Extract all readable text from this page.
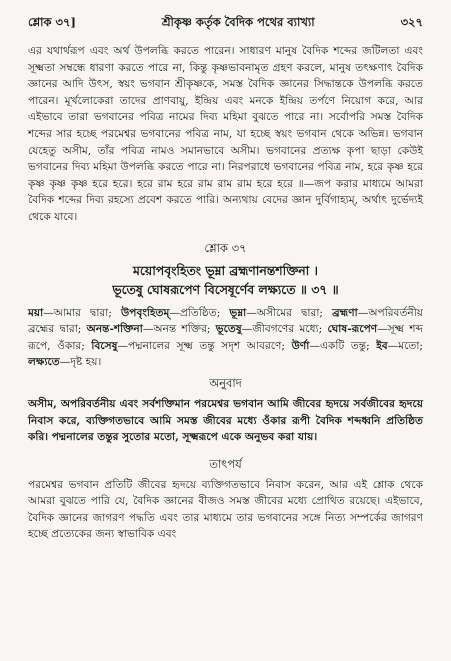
শ্লোক ৩৭]	শ্রীকৃষ্ণ কর্তৃক বৈদিক পথের ব্যাখ্যা	৩২৭

এর যথার্থরূপ এবং অর্থ উপলব্ধি করতে পারেন। সাধারণ মানুষ বৈদিক শব্দের জটিলতা এবং সূক্ষ্মতা সম্বন্ধে ধারণা করতে পারে না, কিন্তু কৃষ্ণভাবনামৃত গ্রহণ করলে, মানুষ তৎক্ষণাৎ বৈদিক জ্ঞানের আদি উৎস, স্বয়ং ভগবান শ্রীকৃষ্ণকে, সমস্ত বৈদিক জ্ঞানের সিদ্ধান্তকে উপলব্ধি করতে পারেন। মূর্খলোকেরা তাদের প্রাণবায়ু, ইন্দ্রিয় এবং মনকে ইন্দ্রিয় তর্পণে নিয়োগ করে, আর এইভাবে তারা ভগবানের পবিত্র নামের দিব্য মহিমা বুঝতে পারে না। সর্বোপরি সমস্ত বৈদিক শব্দের সার হচ্ছে পরমেশ্বর ভগবানের পবিত্র নাম, যা হচ্ছে স্বয়ং ভগবান থেকে অভিন্ন। ভগবান যেহেতু অসীম, তাঁর পবিত্র নামও সমানভাবে অসীম। ভগবানের প্রত্যক্ষ কৃপা ছাড়া কেউই ভগবানের দিব্য মহিমা উপলব্ধি করতে পারে না। নিরপরাধে ভগবানের পবিত্র নাম, হরে কৃষ্ণ হরে কৃষ্ণ কৃষ্ণ কৃষ্ণ হরে হরে। হরে রাম হরে রাম রাম রাম হরে হরে ॥—জপ করার মাধ্যমে আমরা বৈদিক শব্দের দিব্য রহস্যে প্রবেশ করতে পারি। অন্যথায় বেদের জ্ঞান দুর্বিগাহ্যম্, অর্থাৎ দুর্ভেদ্যই থেকে যাবে।

শ্লোক ৩৭
ময়োপবৃংহিতং ভূম্না ব্রহ্মণানন্তশক্তিনা ।
ভূতেষু ঘোষরূপেণ বিসেষূর্ণেব লক্ষ্যতে ॥ ৩৭ ॥

ময়া—আমার দ্বারা; উপবৃংহিতম্—প্রতিষ্ঠিত; ভূম্না—অসীমের দ্বারা; ব্রহ্মণা—অপরিবর্তনীয় ব্রহ্মের দ্বারা; অনন্ত-শক্তিনা—অনন্ত শক্তির; ভূতেষু—জীবগণের মধ্যে; ঘোষ-রূপেণ—সূক্ষ্ম শব্দ রূপে, ওঁকার; বিসেষু—পদ্মনালের সূক্ষ্ম তন্তু সদৃশ আবরণে; উর্ণা—একটি তন্তু; ইব—মতো; লক্ষ্যতে—দৃষ্ট হয়।

অনুবাদ

অসীম, অপরিবর্তনীয় এবং সর্বশক্তিমান পরমেশ্বর ভগবান আমি জীবের হৃদয়ে সর্বজীবের হৃদয়ে নিবাস করে, ব্যক্তিগতভাবে আমি সমস্ত জীবের মধ্যে ওঁকার রূপী বৈদিক শব্দধ্বনি প্রতিষ্ঠিত করি। পদ্মনালের তন্তুর সুতোর মতো, সূক্ষ্মরূপে একে অনুভব করা যায়।

তাৎপর্য

পরমেশ্বর ভগবান প্রতিটি জীবের হৃদয়ে ব্যক্তিগতভাবে নিবাস করেন, আর এই শ্লোক থেকে আমরা বুঝতে পারি যে, বৈদিক জ্ঞানের বীজও সমস্ত জীবের মধ্যে প্রোথিত রয়েছে। এইভাবে, বৈদিক জ্ঞানের জাগরণ পদ্ধতি এবং তার মাধ্যমে তার ভগবানের সঙ্গে নিত্য সম্পর্কের জাগরণ হচ্ছে প্রত্যেকের জন্য স্বাভাবিক এবং
